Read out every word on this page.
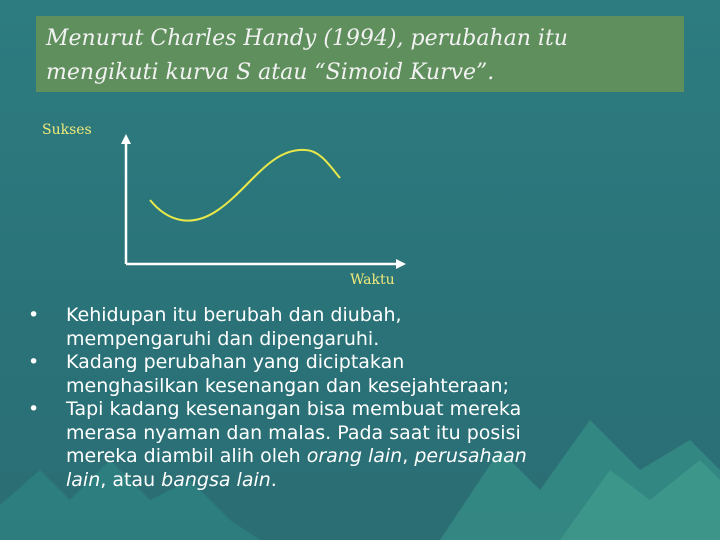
Menurut Charles Handy (1994), perubahan itu
mengikuti kurva S atau “Simoid Kurve”.
Sukses
Waktu
• Kehidupan itu berubah dan diubah,
mempengaruhi dan dipengaruhi.
• Kadang perubahan yang diciptakan
menghasilkan kesenangan dan kesejahteraan;
• Tapi kadang kesenangan bisa membuat mereka
merasa nyaman dan malas. Pada saat itu posisi
mereka diambil alih oleh orang lain, perusahaan
lain, atau bangsa lain.
